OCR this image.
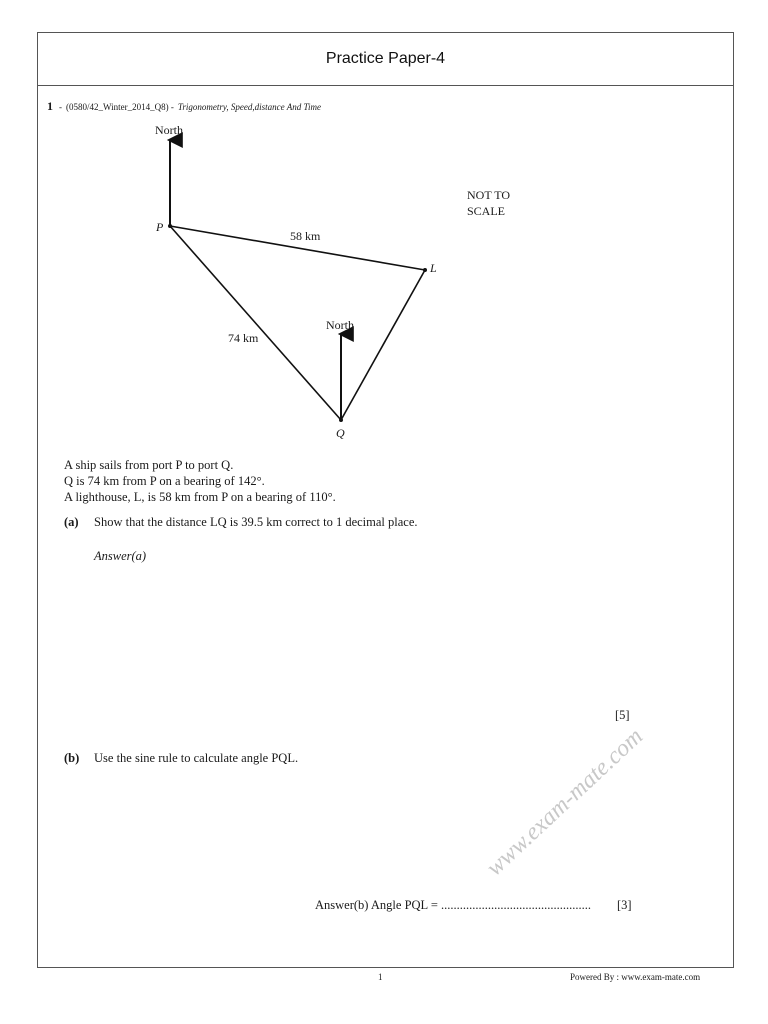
Practice Paper-4
1 - (0580/42_Winter_2014_Q8) - Trigonometry, Speed,distance And Time
North
North
NOT TO
SCALE
P
L
Q
58 km
74 km
A ship sails from port P to port Q.
Q is 74 km from P on a bearing of 142°.
A lighthouse, L, is 58 km from P on a bearing of 110°.
(a) Show that the distance LQ is 39.5 km correct to 1 decimal place.
Answer(a)
[5]
(b) Use the sine rule to calculate angle PQL.
Answer(b) Angle PQL = ................................................ [3]
www.exam-mate.com
1	Powered By : www.exam-mate.com
